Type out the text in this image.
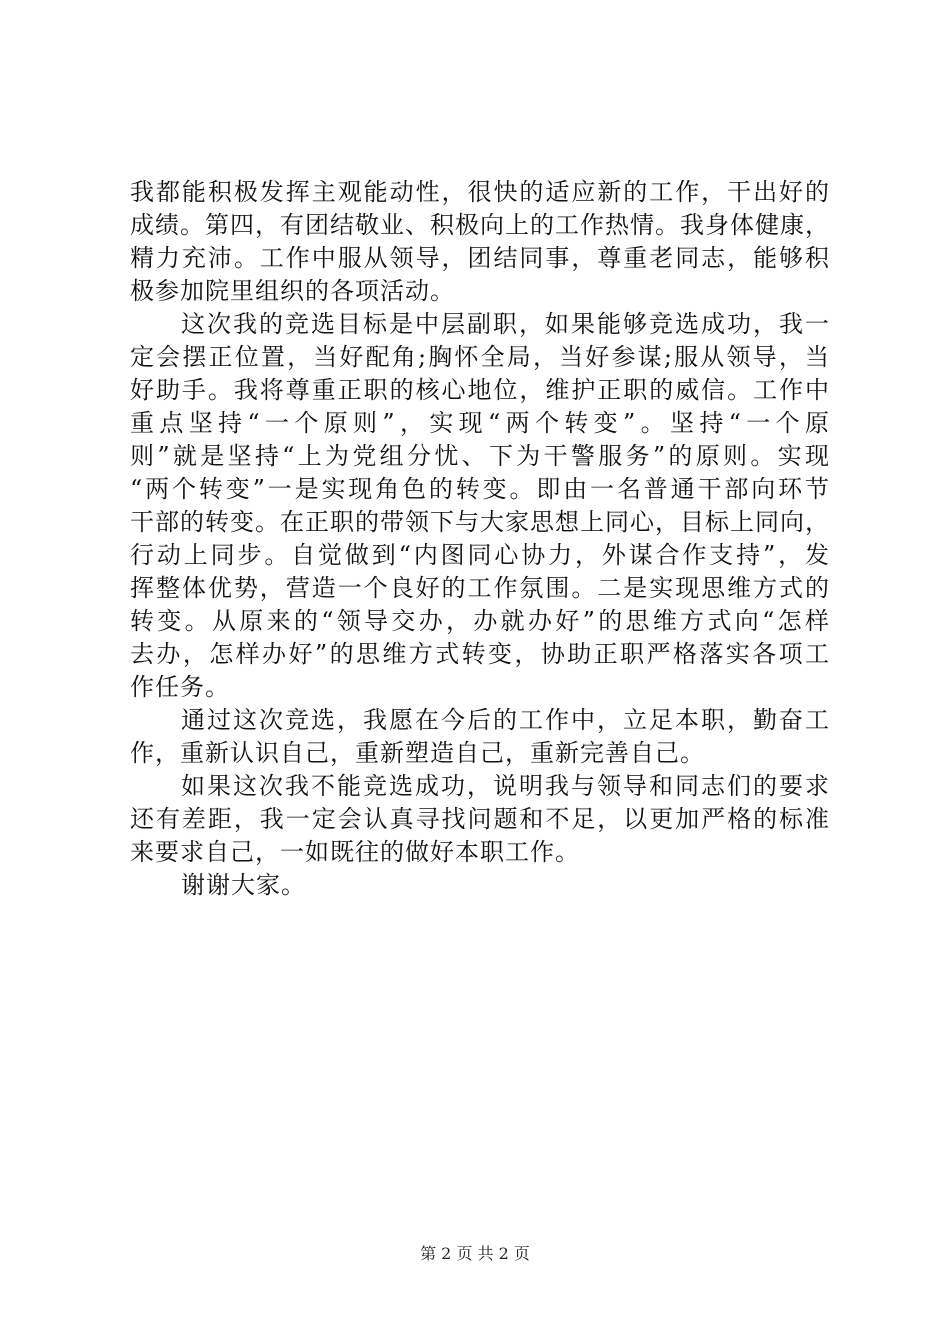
我都能积极发挥主观能动性，很快的适应新的工作，干出好的
成绩。第四，有团结敬业、积极向上的工作热情。我身体健康，
精力充沛。工作中服从领导，团结同事，尊重老同志，能够积
极参加院里组织的各项活动。
这次我的竞选目标是中层副职，如果能够竞选成功，我一
定会摆正位置，当好配角;胸怀全局，当好参谋;服从领导，当
好助手。我将尊重正职的核心地位，维护正职的威信。工作中
重点坚持“一个原则”，实现“两个转变”。坚持“一个原
则”就是坚持“上为党组分忧、下为干警服务”的原则。实现
“两个转变”一是实现角色的转变。即由一名普通干部向环节
干部的转变。在正职的带领下与大家思想上同心，目标上同向，
行动上同步。自觉做到“内图同心协力，外谋合作支持”，发
挥整体优势，营造一个良好的工作氛围。二是实现思维方式的
转变。从原来的“领导交办，办就办好”的思维方式向“怎样
去办，怎样办好”的思维方式转变，协助正职严格落实各项工
作任务。
通过这次竞选，我愿在今后的工作中，立足本职，勤奋工
作，重新认识自己，重新塑造自己，重新完善自己。
如果这次我不能竞选成功，说明我与领导和同志们的要求
还有差距，我一定会认真寻找问题和不足，以更加严格的标准
来要求自己，一如既往的做好本职工作。
谢谢大家。
第 2 页 共 2 页
